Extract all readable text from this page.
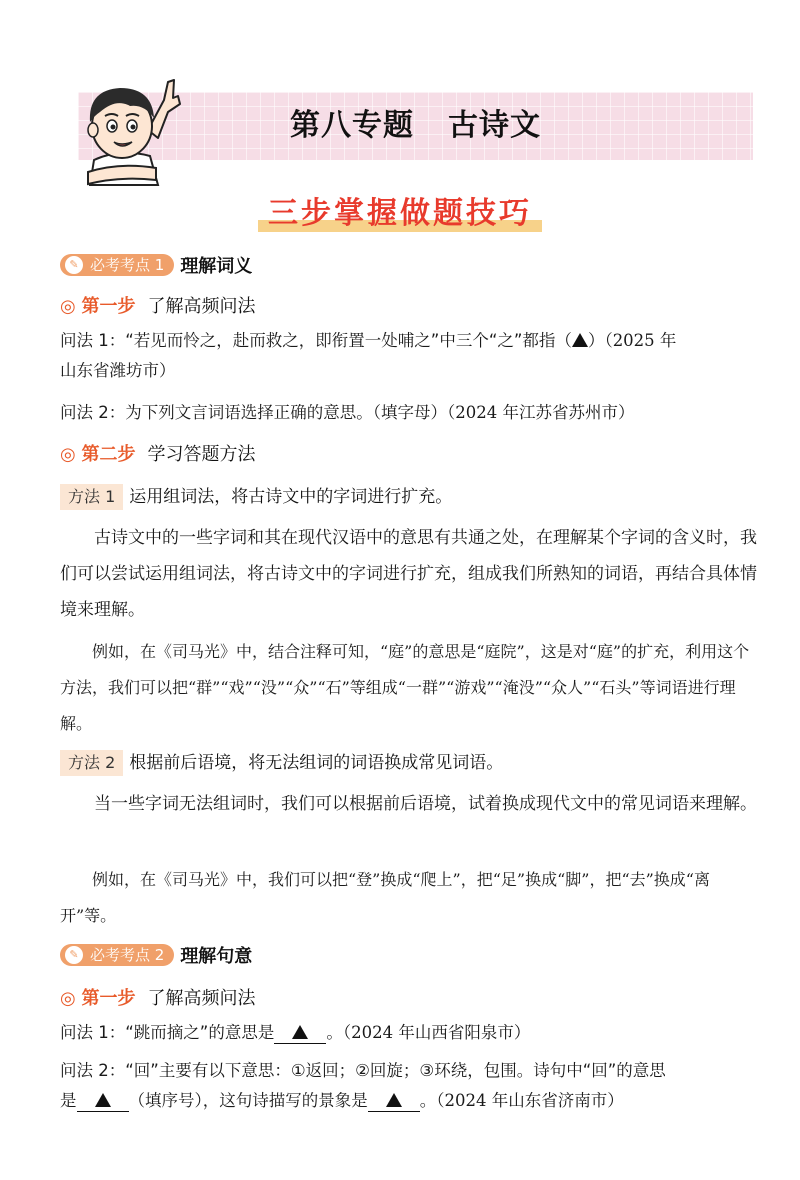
第八专题 古诗文
三步掌握做题技巧
✎ 必考考点 1 理解词义
◎ 第一步 了解高频问法
问法 1：“若见而怜之，赴而救之，即衔置一处哺之”中三个“之”都指（ ）（2025 年
山东省潍坊市）
问法 2：为下列文言词语选择正确的意思。（填字母）（2024 年江苏省苏州市）
◎ 第二步 学习答题方法
方法 1 运用组词法，将古诗文中的字词进行扩充。
古诗文中的一些字词和其在现代汉语中的意思有共通之处，在理解某个字词的含义时，我们可以尝试运用组词法，将古诗文中的字词进行扩充，组成我们所熟知的词语，再结合具体情境来理解。
例如，在《司马光》中，结合注释可知，“庭”的意思是“庭院”，这是对“庭”的扩充，利用这个方法，我们可以把“群”“戏”“没”“众”“石”等组成“一群”“游戏”“淹没”“众人”“石头”等词语进行理解。
方法 2 根据前后语境，将无法组词的词语换成常见词语。
当一些字词无法组词时，我们可以根据前后语境，试着换成现代文中的常见词语来理解。
例如，在《司马光》中，我们可以把“登”换成“爬上”，把“足”换成“脚”，把“去”换成“离开”等。
✎ 必考考点 2 理解句意
◎ 第一步 了解高频问法
问法 1：“跳而摘之”的意思是	。（2024 年山西省阳泉市）
问法 2：“回”主要有以下意思：①返回；②回旋；③环绕，包围。诗句中“回”的意思
是	（填序号），这句诗描写的景象是	。（2024 年山东省济南市）
